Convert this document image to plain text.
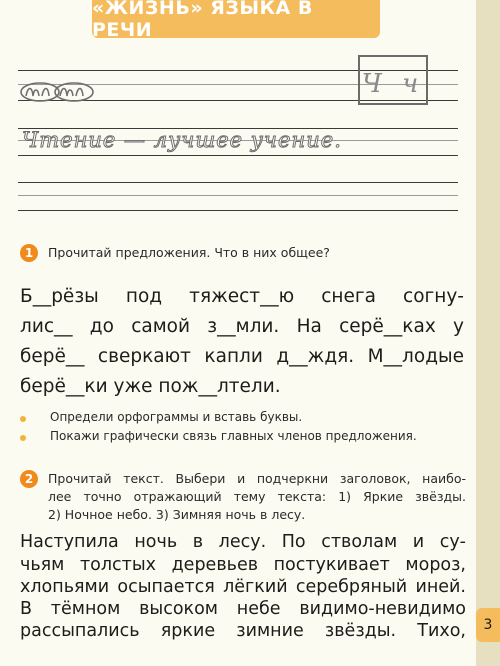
«ЖИЗНЬ» ЯЗЫКА В РЕЧИ
Ч ч
Чтение — лучшее учение.
1	Прочитай предложения. Что в них общее?
Б__рёзы под тяжест__ю снега согну-
лис__ до самой з__мли. На серё__ках у
берё__ сверкают капли д__ждя. М__лодые
берё__ки уже пож__лтели.
Определи орфограммы и вставь буквы.
Покажи графически связь главных членов предложения.
2	Прочитай текст. Выбери и подчеркни заголовок, наибо-
лее точно отражающий тему текста: 1) Яркие звёзды.
2) Ночное небо. 3) Зимняя ночь в лесу.
Наступила ночь в лесу. По стволам и су-
чьям толстых деревьев постукивает мороз,
хлопьями осыпается лёгкий серебряный иней.
В тёмном высоком небе видимо-невидимо
рассыпались яркие зимние звёзды. Тихо,	3
